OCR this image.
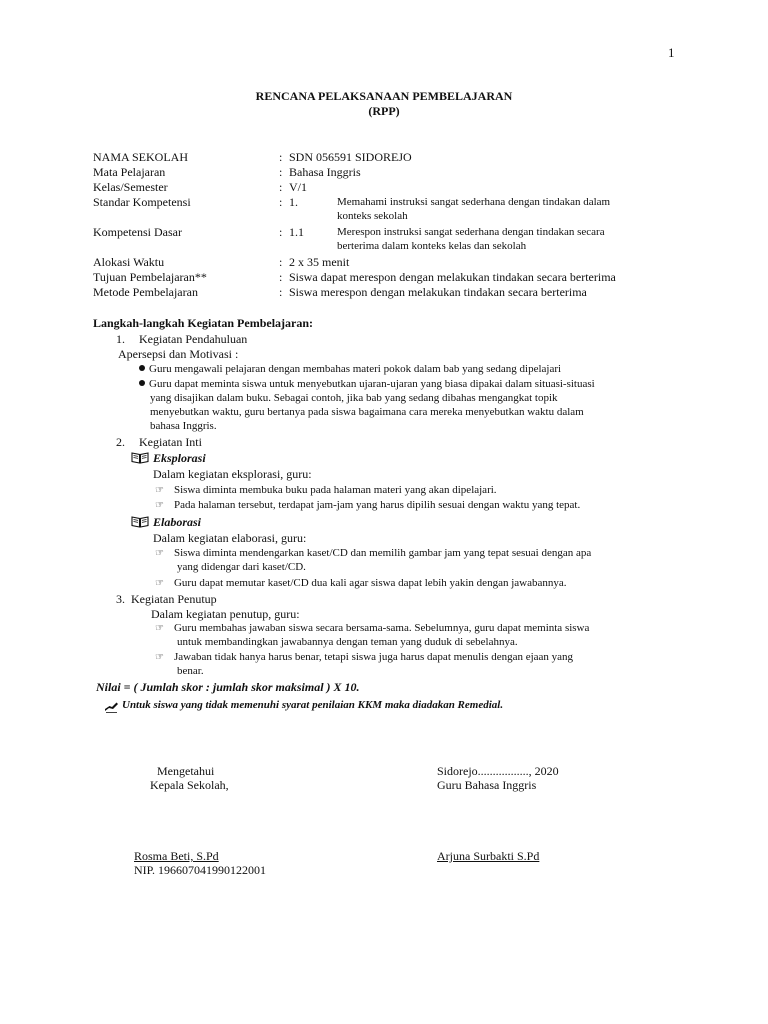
1
RENCANA PELAKSANAAN PEMBELAJARAN
(RPP)
NAMA SEKOLAH	: SDN 056591 SIDOREJO
Mata Pelajaran	: Bahasa Inggris
Kelas/Semester	: V/1
Standar Kompetensi	: 1.	Memahami instruksi sangat sederhana dengan tindakan dalam
konteks sekolah
Kompetensi Dasar	: 1.1	Merespon instruksi sangat sederhana dengan tindakan secara
berterima dalam konteks kelas dan sekolah
Alokasi Waktu	: 2 x 35 menit
Tujuan Pembelajaran**	: Siswa dapat merespon dengan melakukan tindakan secara berterima
Metode Pembelajaran	: Siswa merespon dengan melakukan tindakan secara berterima
Langkah-langkah Kegiatan Pembelajaran:
1. Kegiatan Pendahuluan
Apersepsi dan Motivasi :
Guru mengawali pelajaran dengan membahas materi pokok dalam bab yang sedang dipelajari
Guru dapat meminta siswa untuk menyebutkan ujaran-ujaran yang biasa dipakai dalam situasi-situasi
yang disajikan dalam buku. Sebagai contoh, jika bab yang sedang dibahas mengangkat topik
menyebutkan waktu, guru bertanya pada siswa bagaimana cara mereka menyebutkan waktu dalam
bahasa Inggris.
2. Kegiatan Inti
Eksplorasi
Dalam kegiatan eksplorasi, guru:
☞ Siswa diminta membuka buku pada halaman materi yang akan dipelajari.
☞ Pada halaman tersebut, terdapat jam-jam yang harus dipilih sesuai dengan waktu yang tepat.
Elaborasi
Dalam kegiatan elaborasi, guru:
☞ Siswa diminta mendengarkan kaset/CD dan memilih gambar jam yang tepat sesuai dengan apa
yang didengar dari kaset/CD.
☞ Guru dapat memutar kaset/CD dua kali agar siswa dapat lebih yakin dengan jawabannya.
3. Kegiatan Penutup
Dalam kegiatan penutup, guru:
☞ Guru membahas jawaban siswa secara bersama-sama. Sebelumnya, guru dapat meminta siswa
untuk membandingkan jawabannya dengan teman yang duduk di sebelahnya.
☞ Jawaban tidak hanya harus benar, tetapi siswa juga harus dapat menulis dengan ejaan yang
benar.
Nilai = ( Jumlah skor : jumlah skor maksimal ) X 10.
Untuk siswa yang tidak memenuhi syarat penilaian KKM maka diadakan Remedial.
Mengetahui
Kepala Sekolah,
Rosma Beti, S.Pd
NIP. 196607041990122001
Sidorejo................., 2020
Guru Bahasa Inggris
Arjuna Surbakti S.Pd
